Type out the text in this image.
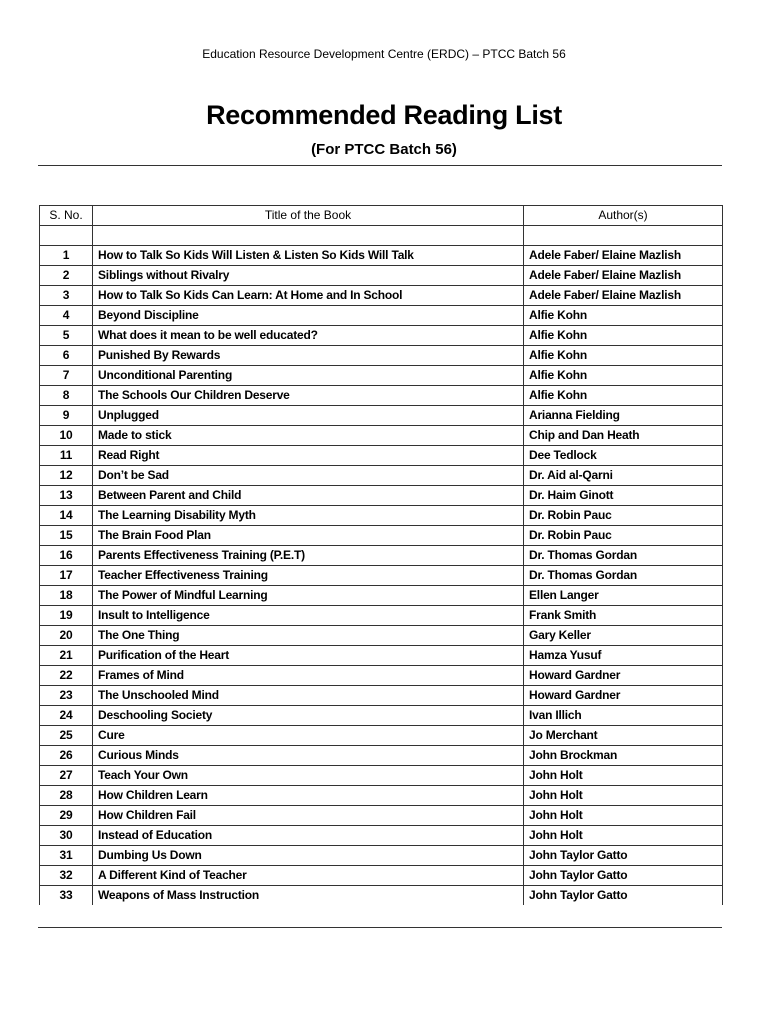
Education Resource Development Centre (ERDC) – PTCC Batch 56
Recommended Reading List
(For PTCC Batch 56)
S. No.	Title of the Book	Author(s)
1	How to Talk So Kids Will Listen & Listen So Kids Will Talk	Adele Faber/ Elaine Mazlish
2	Siblings without Rivalry	Adele Faber/ Elaine Mazlish
3	How to Talk So Kids Can Learn: At Home and In School	Adele Faber/ Elaine Mazlish
4	Beyond Discipline	Alfie Kohn
5	What does it mean to be well educated?	Alfie Kohn
6	Punished By Rewards	Alfie Kohn
7	Unconditional Parenting	Alfie Kohn
8	The Schools Our Children Deserve	Alfie Kohn
9	Unplugged	Arianna Fielding
10	Made to stick	Chip and Dan Heath
11	Read Right	Dee Tedlock
12	Don’t be Sad	Dr. Aid al-Qarni
13	Between Parent and Child	Dr. Haim Ginott
14	The Learning Disability Myth	Dr. Robin Pauc
15	The Brain Food Plan	Dr. Robin Pauc
16	Parents Effectiveness Training (P.E.T)	Dr. Thomas Gordan
17	Teacher Effectiveness Training	Dr. Thomas Gordan
18	The Power of Mindful Learning	Ellen Langer
19	Insult to Intelligence	Frank Smith
20	The One Thing	Gary Keller
21	Purification of the Heart	Hamza Yusuf
22	Frames of Mind	Howard Gardner
23	The Unschooled Mind	Howard Gardner
24	Deschooling Society	Ivan Illich
25	Cure	Jo Merchant
26	Curious Minds	John Brockman
27	Teach Your Own	John Holt
28	How Children Learn	John Holt
29	How Children Fail	John Holt
30	Instead of Education	John Holt
31	Dumbing Us Down	John Taylor Gatto
32	A Different Kind of Teacher	John Taylor Gatto
33	Weapons of Mass Instruction	John Taylor Gatto
